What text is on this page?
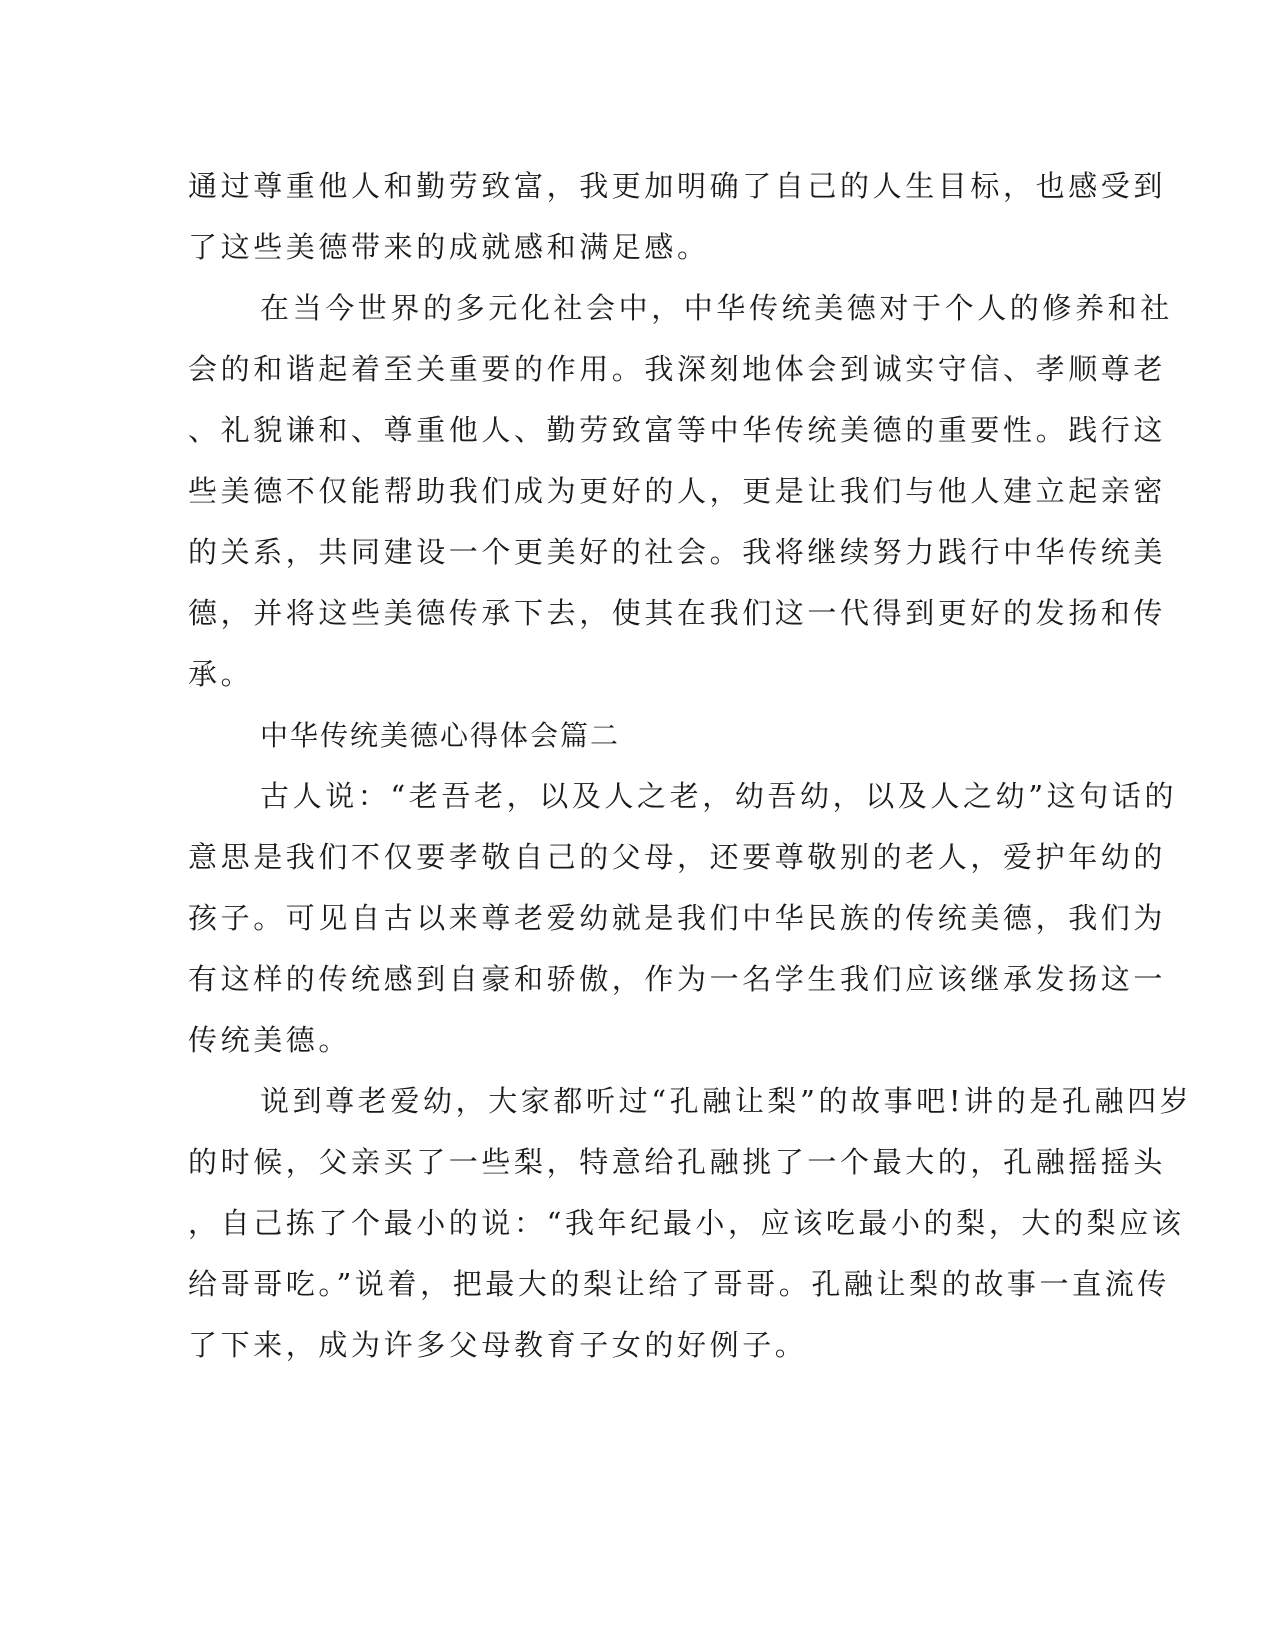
通过尊重他人和勤劳致富，我更加明确了自己的人生目标，也感受到
了这些美德带来的成就感和满足感。
在当今世界的多元化社会中，中华传统美德对于个人的修养和社
会的和谐起着至关重要的作用。我深刻地体会到诚实守信、孝顺尊老
、礼貌谦和、尊重他人、勤劳致富等中华传统美德的重要性。践行这
些美德不仅能帮助我们成为更好的人，更是让我们与他人建立起亲密
的关系，共同建设一个更美好的社会。我将继续努力践行中华传统美
德，并将这些美德传承下去，使其在我们这一代得到更好的发扬和传
承。
中华传统美德心得体会篇二
古人说：“老吾老，以及人之老，幼吾幼，以及人之幼”这句话的
意思是我们不仅要孝敬自己的父母，还要尊敬别的老人，爱护年幼的
孩子。可见自古以来尊老爱幼就是我们中华民族的传统美德，我们为
有这样的传统感到自豪和骄傲，作为一名学生我们应该继承发扬这一
传统美德。
说到尊老爱幼，大家都听过“孔融让梨”的故事吧!讲的是孔融四岁
的时候，父亲买了一些梨，特意给孔融挑了一个最大的，孔融摇摇头
，自己拣了个最小的说：“我年纪最小，应该吃最小的梨，大的梨应该
给哥哥吃。”说着，把最大的梨让给了哥哥。孔融让梨的故事一直流传
了下来，成为许多父母教育子女的好例子。
